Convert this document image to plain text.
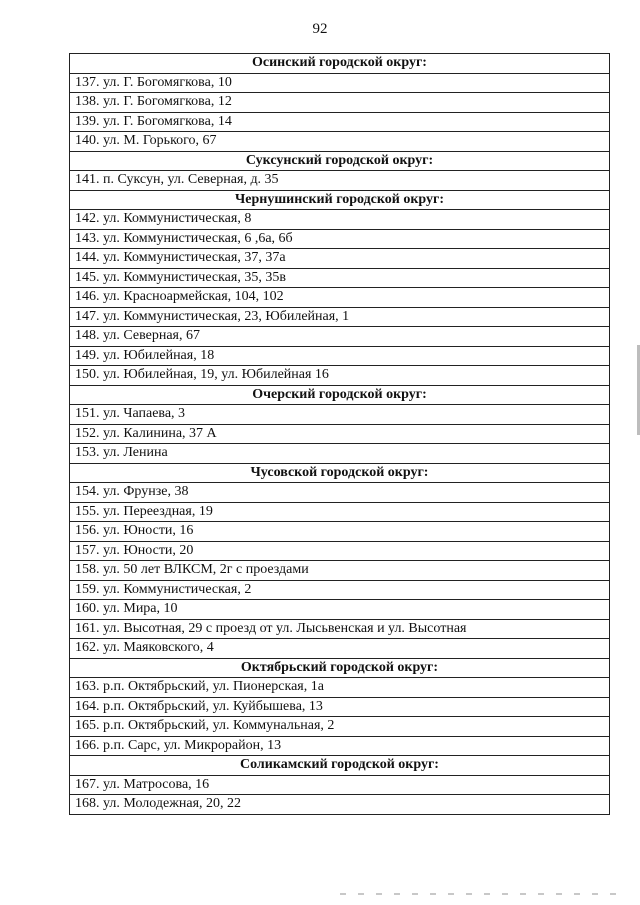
92
Осинский городской округ:
137. ул. Г. Богомягкова, 10
138. ул. Г. Богомягкова, 12
139. ул. Г. Богомягкова, 14
140. ул. М. Горького, 67
Суксунский городской округ:
141. п. Суксун, ул. Северная, д. 35
Чернушинский городской округ:
142. ул. Коммунистическая, 8
143. ул. Коммунистическая, 6 ,6а, 6б
144. ул. Коммунистическая, 37, 37а
145. ул. Коммунистическая, 35, 35в
146. ул. Красноармейская, 104, 102
147. ул. Коммунистическая, 23, Юбилейная, 1
148. ул. Северная, 67
149. ул. Юбилейная, 18
150. ул. Юбилейная, 19, ул. Юбилейная 16
Очерский городской округ:
151. ул. Чапаева, 3
152. ул. Калинина, 37 А
153. ул. Ленина
Чусовской городской округ:
154. ул. Фрунзе, 38
155. ул. Переездная, 19
156. ул. Юности, 16
157. ул. Юности, 20
158. ул. 50 лет ВЛКСМ, 2г с проездами
159. ул. Коммунистическая, 2
160. ул. Мира, 10
161. ул. Высотная, 29 с проезд от ул. Лысьвенская и ул. Высотная
162. ул. Маяковского, 4
Октябрьский городской округ:
163. р.п. Октябрьский, ул. Пионерская, 1а
164. р.п. Октябрьский, ул. Куйбышева, 13
165. р.п. Октябрьский, ул. Коммунальная, 2
166. р.п. Сарс, ул. Микрорайон, 13
Соликамский городской округ:
167. ул. Матросова, 16
168. ул. Молодежная, 20, 22
